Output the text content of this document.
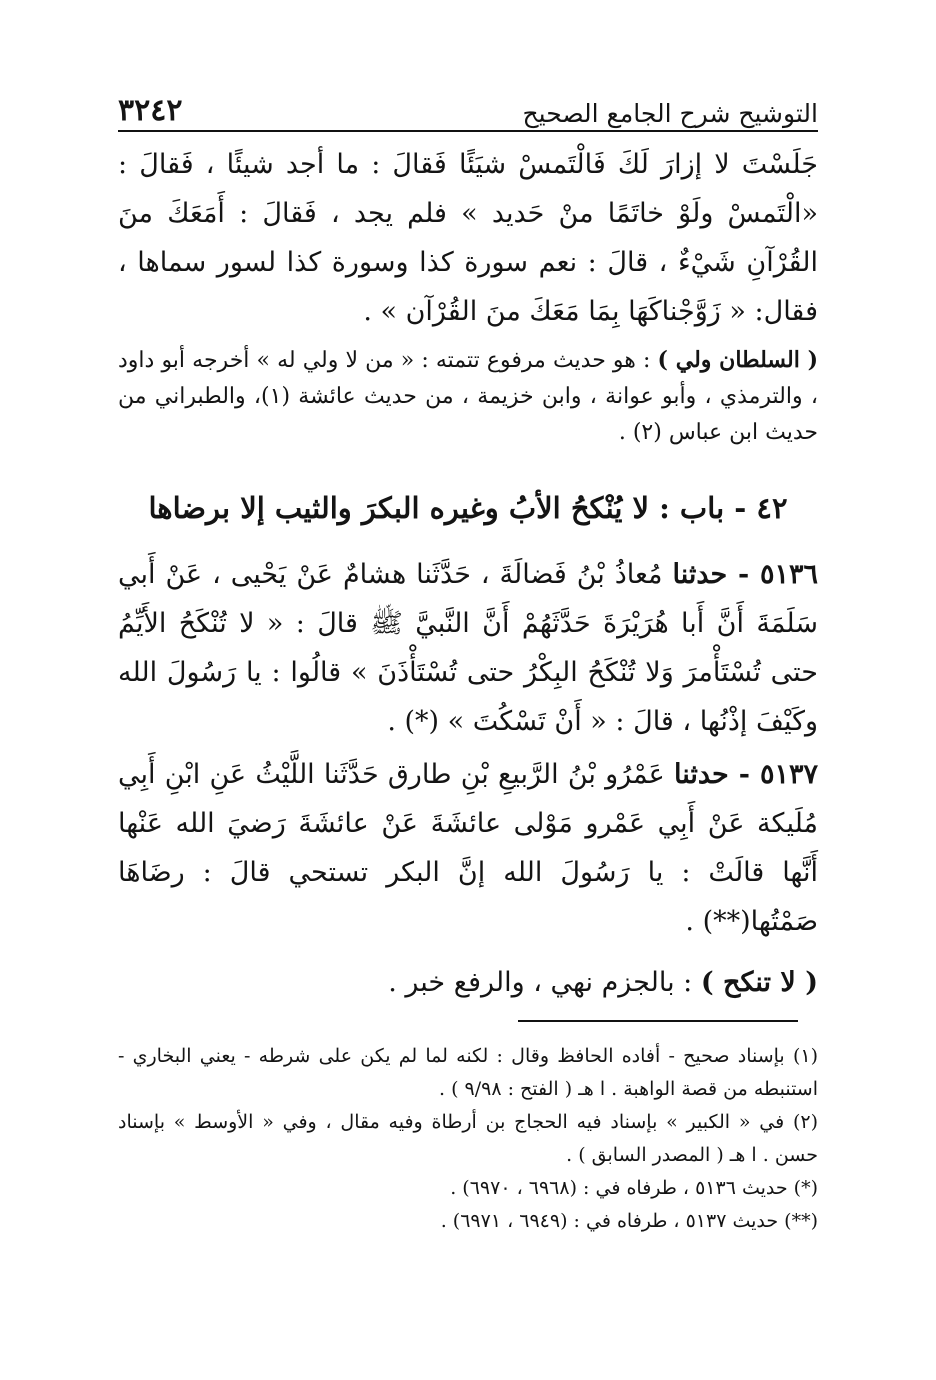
٣٢٤٢	التوشيح شرح الجامع الصحيح

جَلَسْتَ لا إزارَ لَكَ فَالْتَمسْ شيَئًا فَقالَ : ما أجد شيئًا ، فَقالَ : «الْتَمسْ ولَوْ خاتَمًا منْ حَديد » فلم يجد ، فَقالَ : أَمَعَكَ منَ القُرْآنِ شَيْءٌ ، قالَ : نعم سورة كذا وسورة كذا لسور سماها ، فقال: « زَوَّجْناكَهَا بِمَا مَعَكَ منَ القُرْآن » .

( السلطان ولي ) : هو حديث مرفوع تتمته : « من لا ولي له » أخرجه أبو داود ، والترمذي ، وأبو عوانة ، وابن خزيمة ، من حديث عائشة (١)، والطبراني من حديث ابن عباس (٢) .

٤٢ - باب : لا يُنْكحُ الأبُ وغيره البكرَ والثيب إلا برضاها

٥١٣٦ - حدثنا مُعاذُ بْنُ فَضالَةَ ، حَدَّثَنا هشامٌ عَنْ يَحْيى ، عَنْ أَبي سَلَمَةَ أَنَّ أَبا هُرَيْرَةَ حَدَّثَهُمْ أَنَّ النَّبيَّ ﷺ قالَ : « لا تُنْكَحُ الأَيِّمُ حتى تُسْتَأْمرَ وَلا تُنْكَحُ البِكْرُ حتى تُسْتَأْذَنَ » قالُوا : يا رَسُولَ الله وكَيْفَ إذْنُها ، قالَ : « أَنْ تَسْكُتَ » (*) .

٥١٣٧ - حدثنا عَمْرُو بْنُ الرَّبيعِ بْنِ طارق حَدَّثَنا اللَّيْثُ عَنِ ابْنِ أَبِي مُلَيكة عَنْ أَبِي عَمْرو مَوْلى عائشَةَ عَنْ عائشَةَ رَضيَ الله عَنْها أَنَّها قالَتْ : يا رَسُولَ الله إنَّ البكر تستحي قالَ : رضَاهَا صَمْتُها(**) .

( لا تنكح ) : بالجزم نهي ، والرفع خبر .

(١) بإسناد صحيح - أفاده الحافظ وقال : لكنه لما لم يكن على شرطه - يعني البخاري - استنبطه من قصة الواهبة . ا هـ ( الفتح : ٩/٩٨ ) .

(٢) في « الكبير » بإسناد فيه الحجاج بن أرطاة وفيه مقال ، وفي « الأوسط » بإسناد حسن . ا هـ ( المصدر السابق ) .

(*) حديث ٥١٣٦ ، طرفاه في : (٦٩٦٨ ، ٦٩٧٠) .

(**) حديث ٥١٣٧ ، طرفاه في : (٦٩٤٩ ، ٦٩٧١) .
